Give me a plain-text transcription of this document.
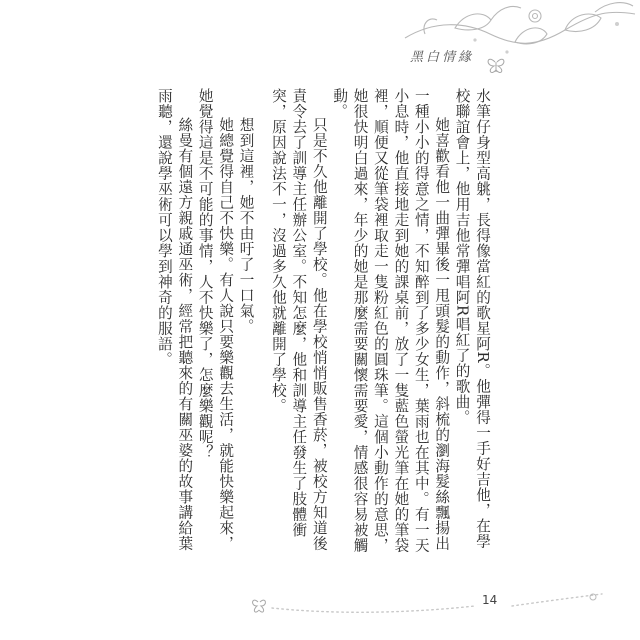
黑白情緣

水筆仔身型高䠷，長得像當紅的歌星阿R。他彈得一手好吉他，在學校聯誼會上，他用吉他常彈唱阿R唱紅了的歌曲。

她喜歡看他一曲彈畢後一甩頭髮的動作，斜梳的瀏海髮絲飄揚出一種小小的得意之情，不知醉到了多少女生，葉雨也在其中。有一天小息時，他直接地走到她的課桌前，放了一隻藍色螢光筆在她的筆袋裡，順便又從筆袋裡取走一隻粉紅色的圓珠筆。這個小動作的意思，她很快明白過來，年少的她是那麼需要關懷需要愛，情感很容易被觸動。

只是不久他離開了學校。他在學校悄悄販售香菸，被校方知道後責令去了訓導主任辦公室。不知怎麼，他和訓導主任發生了肢體衝突，原因說法不一，沒過多久他就離開了學校。

想到這裡，她不由吁了一口氣。

她總覺得自己不快樂。有人說只要樂觀去生活，就能快樂起來，她覺得這是不可能的事情，人不快樂了，怎麼樂觀呢？

絲曼有個遠方親戚通巫術，經常把聽來的有關巫婆的故事講給葉雨聽，還說學巫術可以學到神奇的服語。

14
